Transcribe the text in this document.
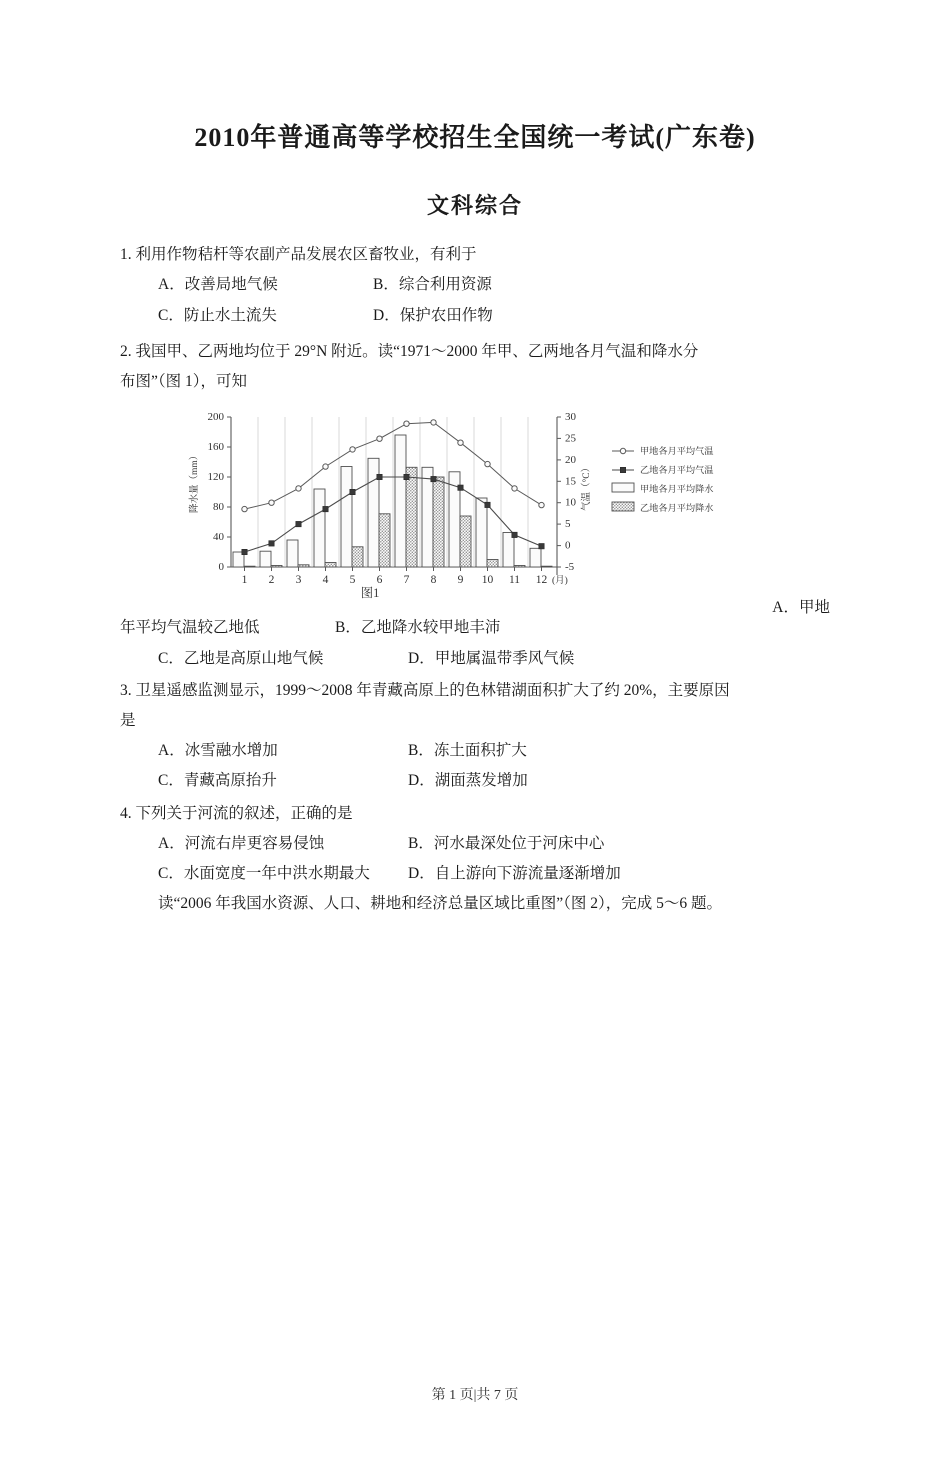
2010年普通高等学校招生全国统一考试(广东卷)
文科综合
1. 利用作物秸杆等农副产品发展农区畜牧业，有利于
A．改善局地气候	B．综合利用资源
C．防止水土流失	D．保护农田作物
2. 我国甲、乙两地均位于 29°N 附近。读“1971～2000 年甲、乙两地各月气温和降水分
布图”（图 1），可知
0
40
80
120
160
200
降水量（mm）
-5
0
5
10
15
20
25
30
气温（°C）
1 2 3 4 5 6 7 8 9 10 11 12 (月)
甲地各月平均气温
乙地各月平均气温
甲地各月平均降水
乙地各月平均降水
图1
A．甲地
年平均气温较乙地低	B．乙地降水较甲地丰沛
C．乙地是高原山地气候	D．甲地属温带季风气候
3. 卫星遥感监测显示，1999～2008 年青藏高原上的色林错湖面积扩大了约 20%，主要原因
是
A．冰雪融水增加	B．冻土面积扩大
C．青藏高原抬升	D．湖面蒸发增加
4. 下列关于河流的叙述，正确的是
A．河流右岸更容易侵蚀	B．河水最深处位于河床中心
C．水面宽度一年中洪水期最大 D．自上游向下游流量逐渐增加
读“2006 年我国水资源、人口、耕地和经济总量区域比重图”（图 2），完成 5～6 题。
第 1 页|共 7 页
